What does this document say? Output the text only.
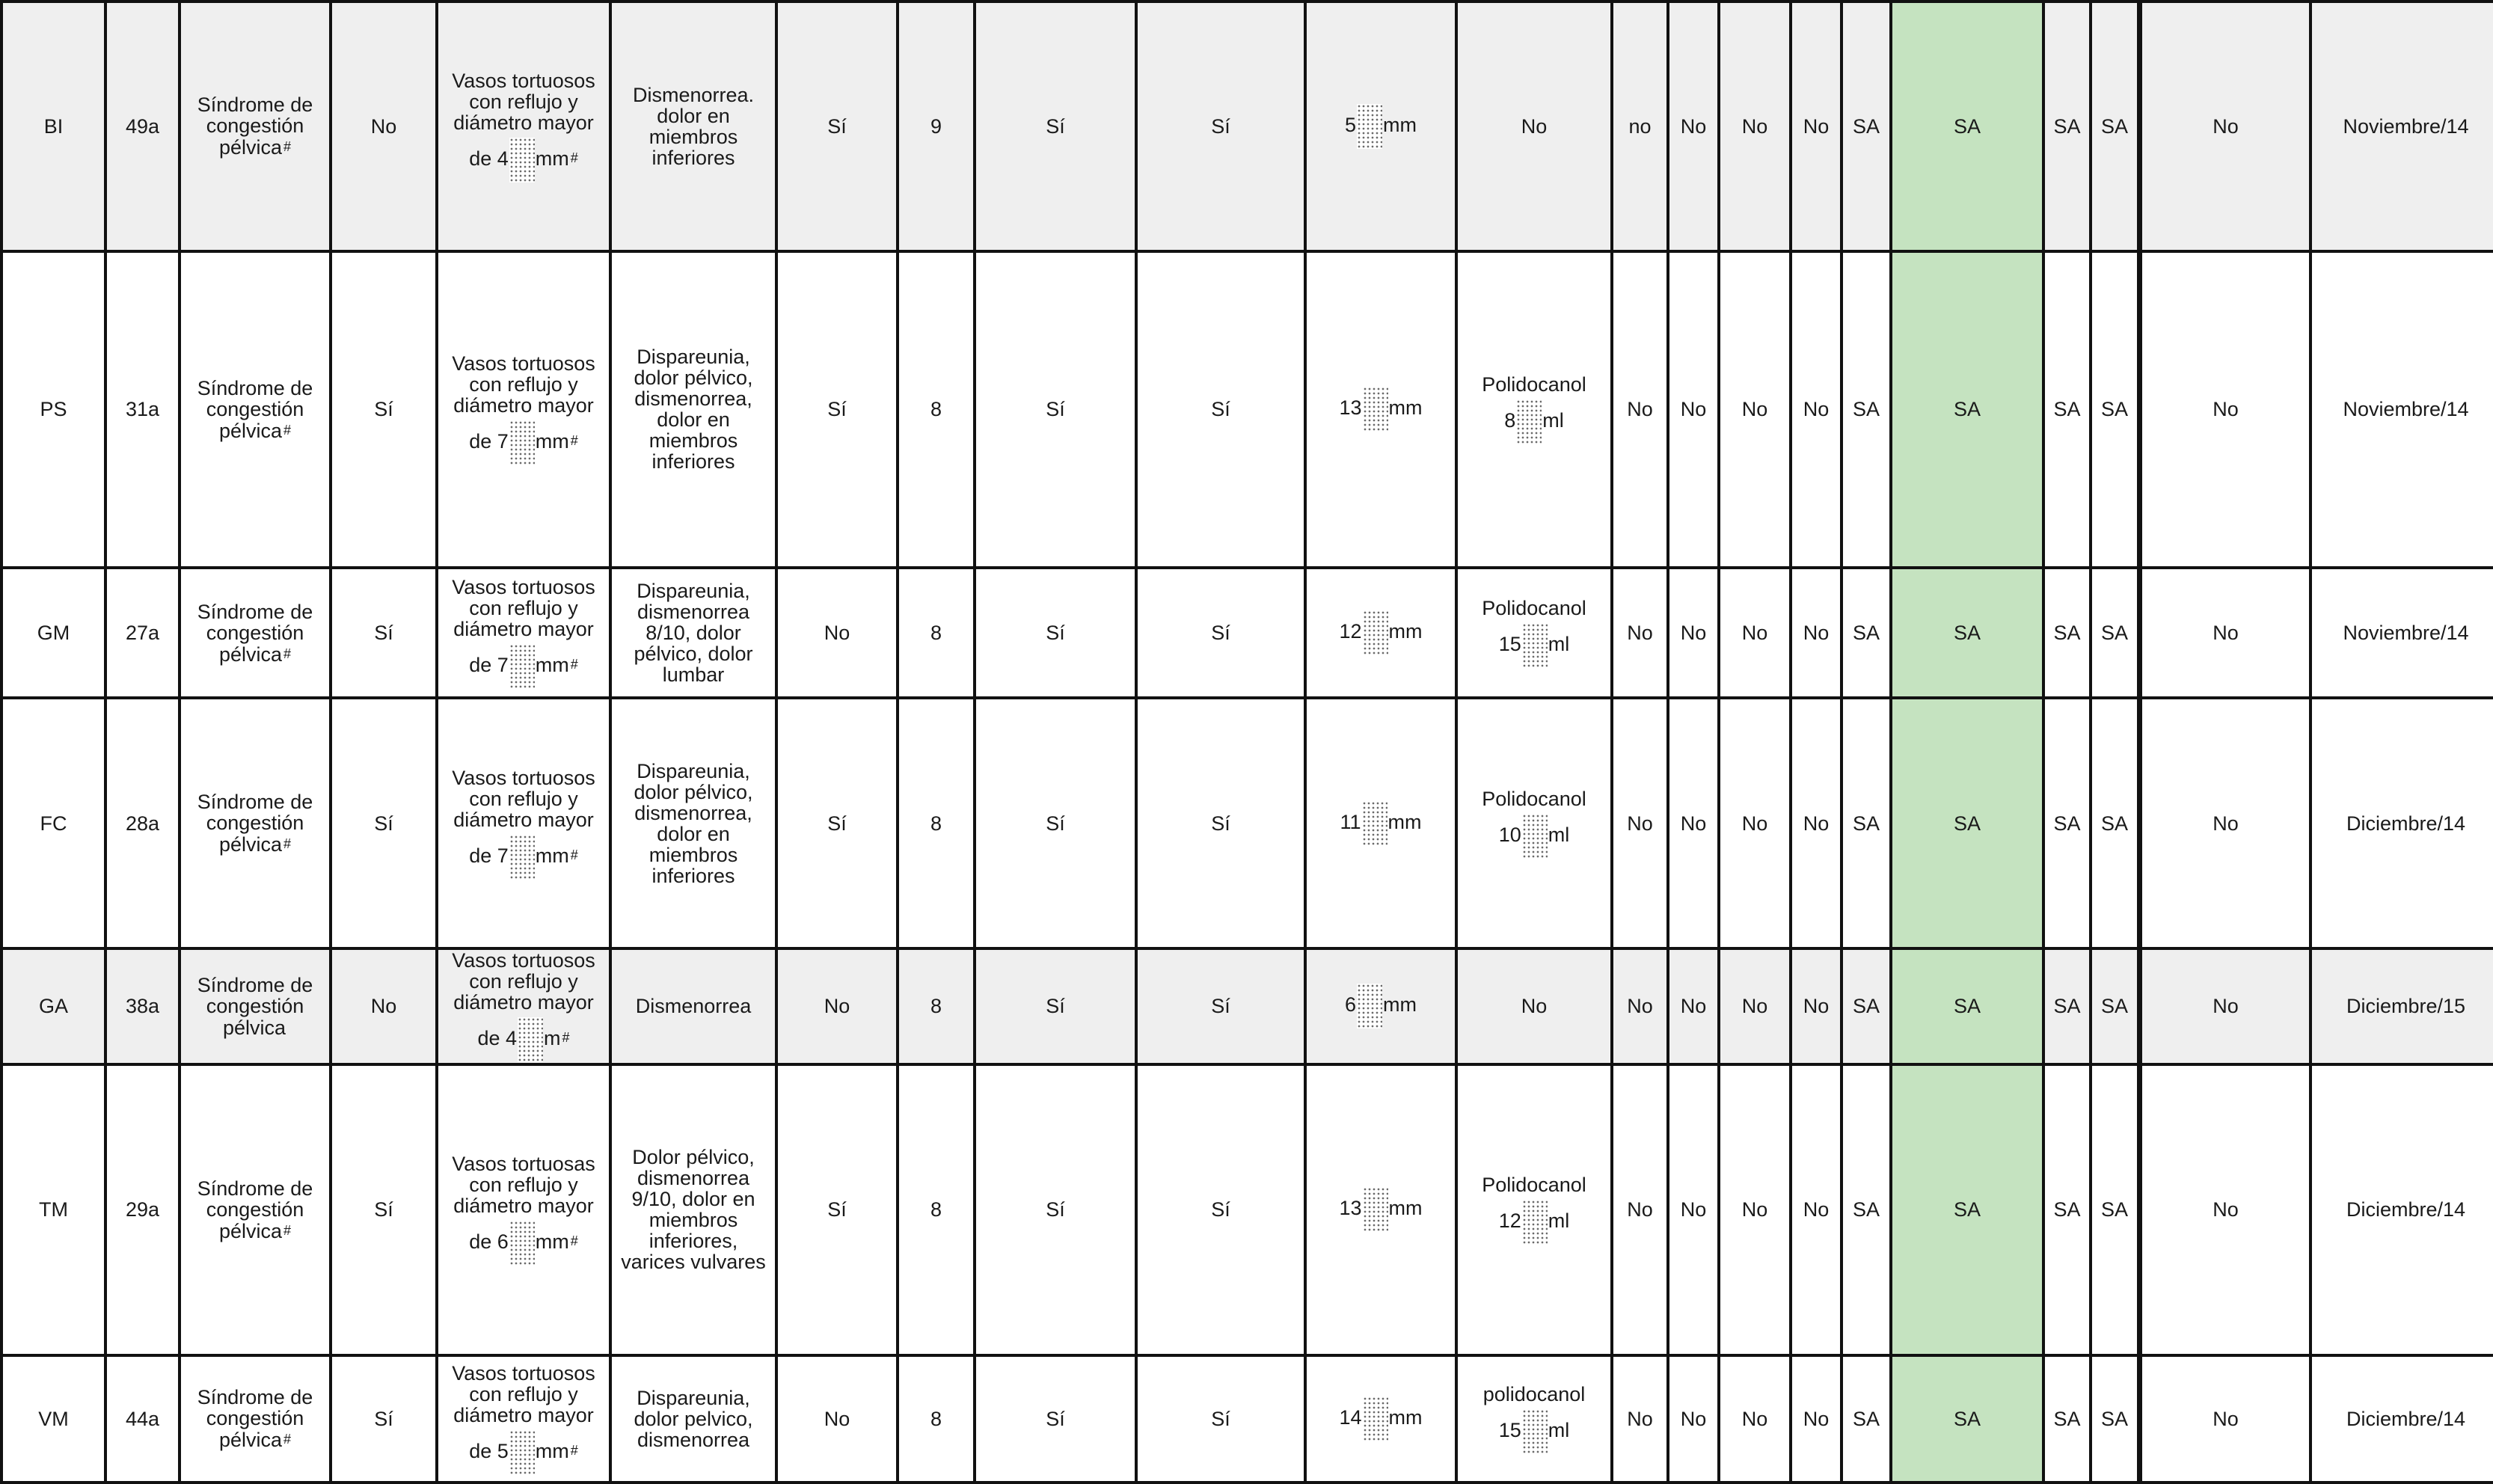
BI	49a	Síndrome de congestión pélvica #	No	Vasos tortuosos con reflujo y diámetro mayor
de 4 mm #	Dismenorrea. dolor en miembros inferiores	Sí	9	Sí	Sí	5 mm	No	no	No	No	No	SA	SA	SA	SA		No	Noviembre/14
PS	31a	Síndrome de congestión pélvica #	Sí	Vasos tortuosos con reflujo y diámetro mayor
de 7 mm #	Dispareunia, dolor pélvico, dismenorrea, dolor en miembros inferiores	Sí	8	Sí	Sí	13 mm	Polidocanol
8 ml	No	No	No	No	SA	SA	SA	SA		No	Noviembre/14
GM	27a	Síndrome de congestión pélvica #	Sí	Vasos tortuosos con reflujo y diámetro mayor
de 7 mm #	Dispareunia, dismenorrea 8/10, dolor pélvico, dolor lumbar	No	8	Sí	Sí	12 mm	Polidocanol
15 ml	No	No	No	No	SA	SA	SA	SA		No	Noviembre/14
FC	28a	Síndrome de congestión pélvica #	Sí	Vasos tortuosos con reflujo y diámetro mayor
de 7 mm #	Dispareunia, dolor pélvico, dismenorrea, dolor en miembros inferiores	Sí	8	Sí	Sí	11 mm	Polidocanol
10 ml	No	No	No	No	SA	SA	SA	SA		No	Diciembre/14
GA	38a	Síndrome de congestión pélvica	No	Vasos tortuosos con reflujo y diámetro mayor
de 4 m #	Dismenorrea	No	8	Sí	Sí	6 mm	No	No	No	No	No	SA	SA	SA	SA		No	Diciembre/15
TM	29a	Síndrome de congestión pélvica #	Sí	Vasos tortuosas con reflujo y diámetro mayor
de 6 mm #	Dolor pélvico, dismenorrea 9/10, dolor en miembros inferiores, varices vulvares	Sí	8	Sí	Sí	13 mm	Polidocanol
12 ml	No	No	No	No	SA	SA	SA	SA		No	Diciembre/14
VM	44a	Síndrome de congestión pélvica #	Sí	Vasos tortuosos con reflujo y diámetro mayor
de 5 mm #	Dispareunia, dolor pelvico, dismenorrea	No	8	Sí	Sí	14 mm	polidocanol
15 ml	No	No	No	No	SA	SA	SA	SA		No	Diciembre/14
